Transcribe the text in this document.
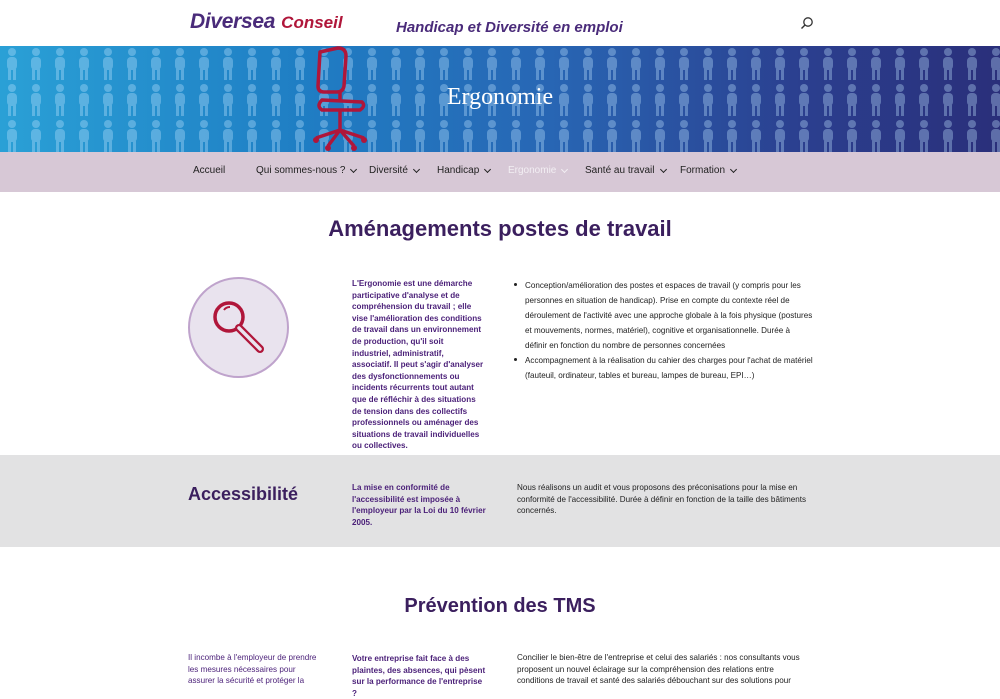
Diversea Conseil	Handicap et Diversité en emploi
Ergonomie
Accueil	Qui sommes-nous ? Diversité	Handicap	Ergonomie	Santé au travail	Formation
Aménagements postes de travail
L'Ergonomie est une démarche participative d'analyse et de compréhension du travail ; elle vise l'amélioration des conditions de travail dans un environnement de production, qu'il soit industriel, administratif, associatif. Il peut s'agir d'analyser des dysfonctionnements ou incidents récurrents tout autant que de réfléchir à des situations de tension dans des collectifs professionnels ou aménager des situations de travail individuelles ou collectives.
Conception/amélioration des postes et espaces de travail (y compris pour les personnes en situation de handicap). Prise en compte du contexte réel de déroulement de l'activité avec une approche globale à la fois physique (postures et mouvements, normes, matériel), cognitive et organisationnelle. Durée à définir en fonction du nombre de personnes concernées
Accompagnement à la réalisation du cahier des charges pour l'achat de matériel (fauteuil, ordinateur, tables et bureau, lampes de bureau, EPI…)
Accessibilité	La mise en conformité de l'accessibilité est imposée à l'employeur par la Loi du 10 février 2005.
Nous réalisons un audit et vous proposons des préconisations pour la mise en conformité de l'accessibilité. Durée à définir en fonction de la taille des bâtiments concernés.
Prévention des TMS
Il incombe à l'employeur de prendre les mesures nécessaires pour assurer la sécurité et protéger la
Votre entreprise fait face à des plaintes, des absences, qui pèsent sur la performance de l'entreprise ?
Concilier le bien-être de l'entreprise et celui des salariés : nos consultants vous proposent un nouvel éclairage sur la compréhension des relations entre conditions de travail et santé des salariés débouchant sur des solutions pour
